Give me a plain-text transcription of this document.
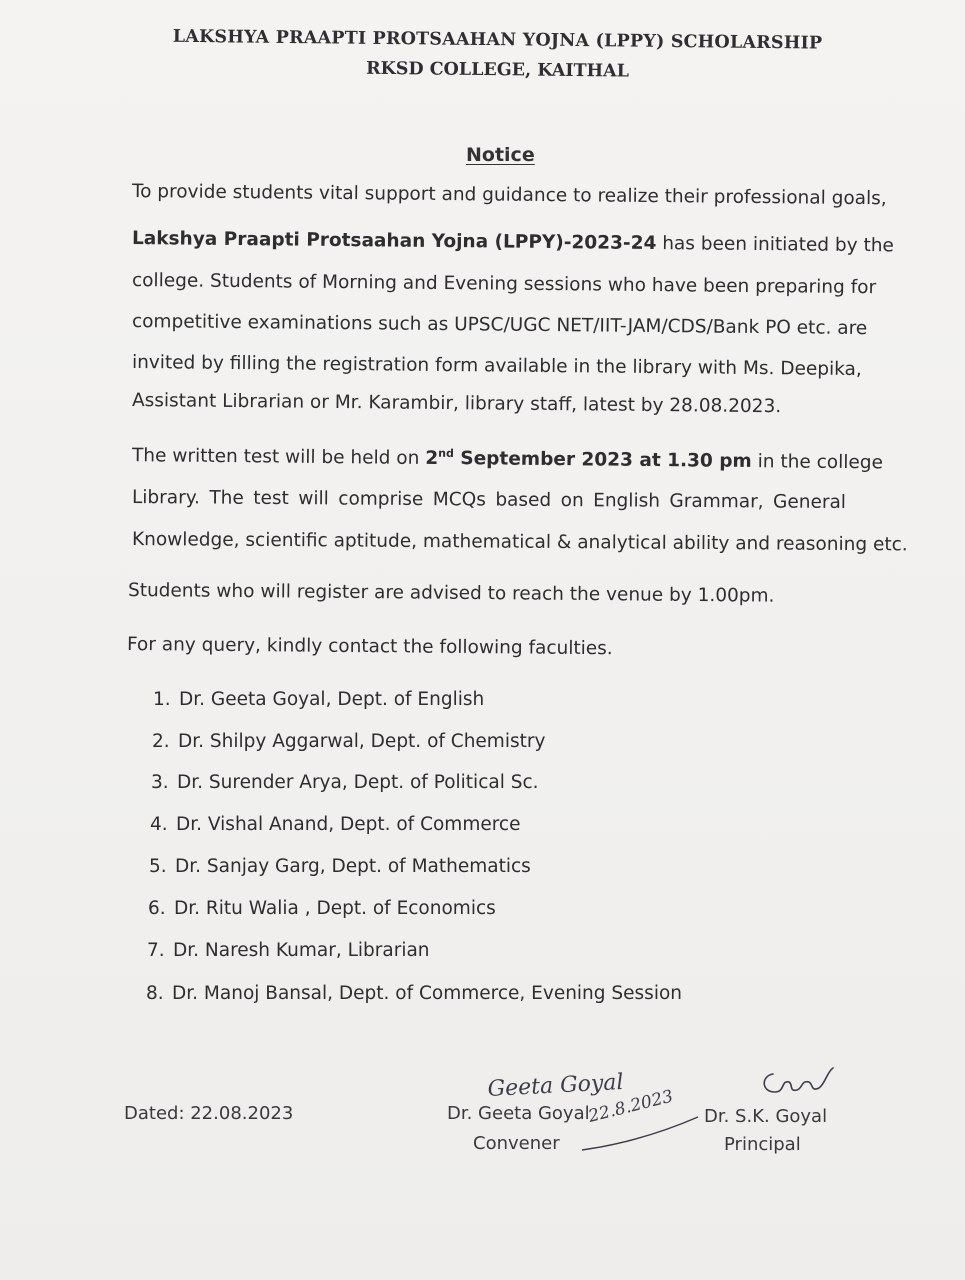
LAKSHYA PRAAPTI PROTSAAHAN YOJNA (LPPY) SCHOLARSHIP
RKSD COLLEGE, KAITHAL
Notice
To provide students vital support and guidance to realize their professional goals,
Lakshya Praapti Protsaahan Yojna (LPPY)-2023-24 has been initiated by the
college. Students of Morning and Evening sessions who have been preparing for
competitive examinations such as UPSC/UGC NET/IIT-JAM/CDS/Bank PO etc. are
invited by filling the registration form available in the library with Ms. Deepika,
Assistant Librarian or Mr. Karambir, library staff, latest by 28.08.2023.
The written test will be held on 2nd September 2023 at 1.30 pm in the college
Library. The test will comprise MCQs based on English Grammar, General
Knowledge, scientific aptitude, mathematical & analytical ability and reasoning etc.
Students who will register are advised to reach the venue by 1.00pm.
For any query, kindly contact the following faculties.
1. Dr. Geeta Goyal, Dept. of English
2. Dr. Shilpy Aggarwal, Dept. of Chemistry
3. Dr. Surender Arya, Dept. of Political Sc.
4. Dr. Vishal Anand, Dept. of Commerce
5. Dr. Sanjay Garg, Dept. of Mathematics
6. Dr. Ritu Walia , Dept. of Economics
7. Dr. Naresh Kumar, Librarian
8. Dr. Manoj Bansal, Dept. of Commerce, Evening Session
Dated: 22.08.2023
Geeta Goyal
22.8.2023
Dr. Geeta Goyal
Convener
Dr. S.K. Goyal
Principal
